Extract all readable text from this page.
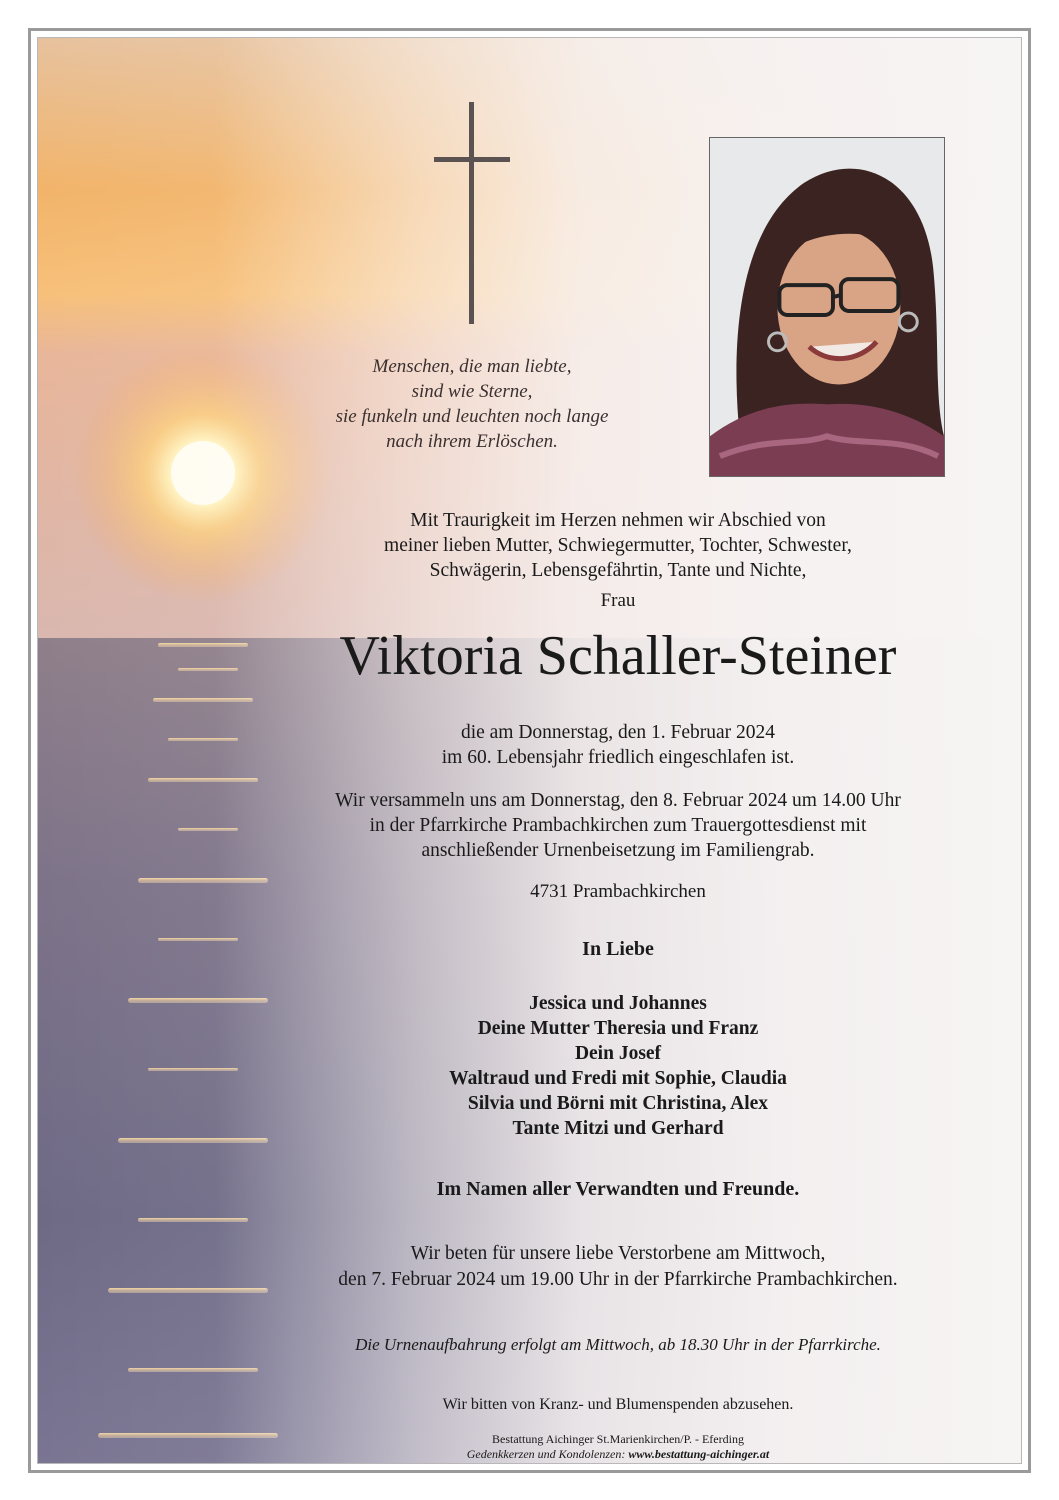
Menschen, die man liebte,
sind wie Sterne,
sie funkeln und leuchten noch lange
nach ihrem Erlöschen.
Mit Traurigkeit im Herzen nehmen wir Abschied von
meiner lieben Mutter, Schwiegermutter, Tochter, Schwester,
Schwägerin, Lebensgefährtin, Tante und Nichte,
Frau
Viktoria Schaller-Steiner
die am Donnerstag, den 1. Februar 2024
im 60. Lebensjahr friedlich eingeschlafen ist.
Wir versammeln uns am Donnerstag, den 8. Februar 2024 um 14.00 Uhr
in der Pfarrkirche Prambachkirchen zum Trauergottesdienst mit
anschließender Urnenbeisetzung im Familiengrab.
4731 Prambachkirchen
In Liebe
Jessica und Johannes
Deine Mutter Theresia und Franz
Dein Josef
Waltraud und Fredi mit Sophie, Claudia
Silvia und Börni mit Christina, Alex
Tante Mitzi und Gerhard
Im Namen aller Verwandten und Freunde.
Wir beten für unsere liebe Verstorbene am Mittwoch,
den 7. Februar 2024 um 19.00 Uhr in der Pfarrkirche Prambachkirchen.
Die Urnenaufbahrung erfolgt am Mittwoch, ab 18.30 Uhr in der Pfarrkirche.
Wir bitten von Kranz- und Blumenspenden abzusehen.
Bestattung Aichinger St.Marienkirchen/P. - Eferding
Gedenkkerzen und Kondolenzen: www.bestattung-aichinger.at
